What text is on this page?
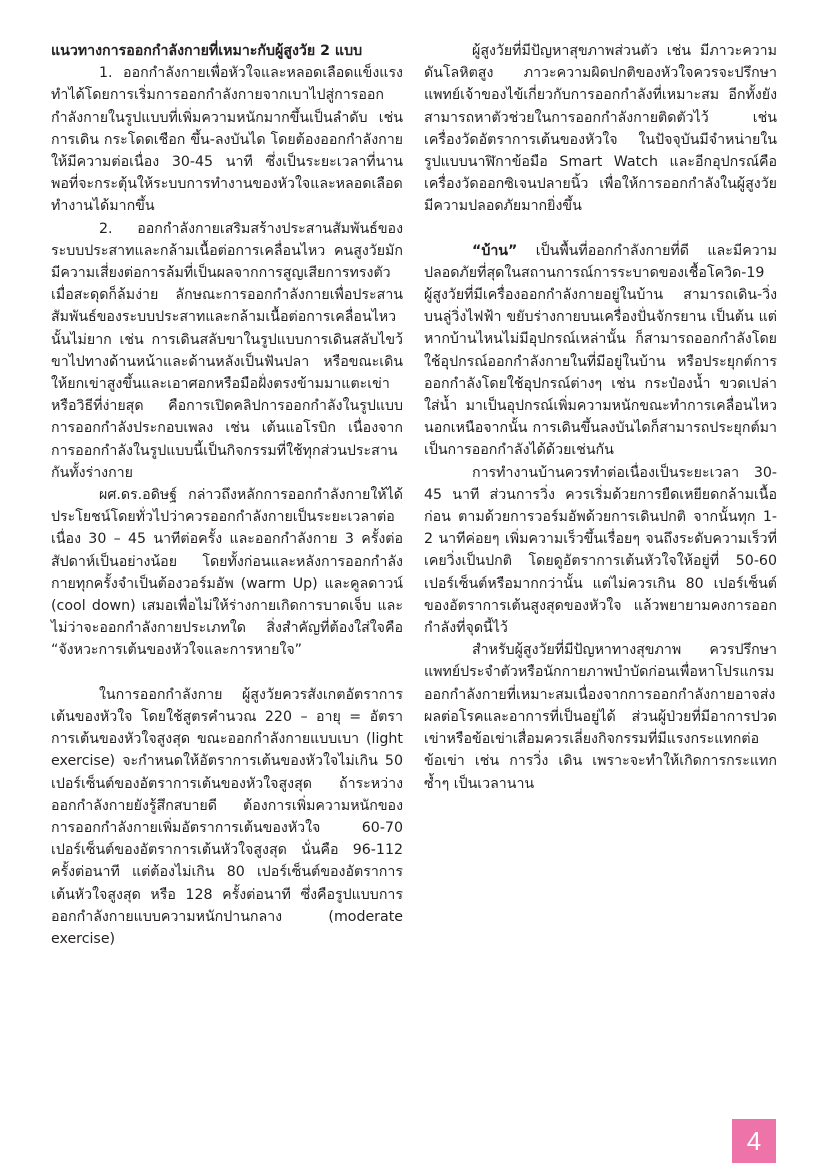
แนวทางการออกกำลังกายที่เหมาะกับผู้สูงวัย 2 แบบ

1. ออกกำลังกายเพื่อหัวใจและหลอดเลือดแข็งแรง ทำได้โดยการเริ่มการออกกำลังกายจากเบาไปสู่การออกกำลังกายในรูปแบบที่เพิ่มความหนักมากขึ้นเป็นลำดับ เช่น การเดิน กระโดดเชือก ขึ้น-ลงบันได โดยต้องออกกำลังกายให้มีความต่อเนื่อง 30-45 นาที ซึ่งเป็นระยะเวลาที่นานพอที่จะกระตุ้นให้ระบบการทำงานของหัวใจและหลอดเลือดทำงานได้มากขึ้น

2. ออกกำลังกายเสริมสร้างประสานสัมพันธ์ของระบบประสาทและกล้ามเนื้อต่อการเคลื่อนไหว คนสูงวัยมักมีความเสี่ยงต่อการล้มที่เป็นผลจากการสูญเสียการทรงตัว เมื่อสะดุดก็ล้มง่าย ลักษณะการออกกำลังกายเพื่อประสานสัมพันธ์ของระบบประสาทและกล้ามเนื้อต่อการเคลื่อนไหวนั้นไม่ยาก เช่น การเดินสลับขาในรูปแบบการเดินสลับไขว้ขาไปทางด้านหน้าและด้านหลังเป็นฟันปลา หรือขณะเดินให้ยกเข่าสูงขึ้นและเอาศอกหรือมือฝั่งตรงข้ามมาแตะเข่า หรือวิธีที่ง่ายสุด คือการเปิดคลิปการออกกำลังในรูปแบบการออกกำลังประกอบเพลง เช่น เต้นแอโรบิก เนื่องจากการออกกำลังในรูปแบบนี้เป็นกิจกรรมที่ใช้ทุกส่วนประสานกันทั้งร่างกาย

ผศ.ดร.อดิษฐ์ กล่าวถึงหลักการออกกำลังกายให้ได้ประโยชน์โดยทั่วไปว่าควรออกกำลังกายเป็นระยะเวลาต่อเนื่อง 30 – 45 นาทีต่อครั้ง และออกกำลังกาย 3 ครั้งต่อสัปดาห์เป็นอย่างน้อย โดยทั้งก่อนและหลังการออกกำลังกายทุกครั้งจำเป็นต้องวอร์มอัพ (warm Up) และคูลดาวน์ (cool down) เสมอเพื่อไม่ให้ร่างกายเกิดการบาดเจ็บ และไม่ว่าจะออกกำลังกายประเภทใด สิ่งสำคัญที่ต้องใส่ใจคือ “จังหวะการเต้นของหัวใจและการหายใจ”

ในการออกกำลังกาย ผู้สูงวัยควรสังเกตอัตราการเต้นของหัวใจ โดยใช้สูตรคำนวณ 220 – อายุ = อัตราการเต้นของหัวใจสูงสุด ขณะออกกำลังกายแบบเบา (light exercise) จะกำหนดให้อัตราการเต้นของหัวใจไม่เกิน 50 เปอร์เซ็นต์ของอัตราการเต้นของหัวใจสูงสุด ถ้าระหว่างออกกำลังกายยังรู้สึกสบายดี ต้องการเพิ่มความหนักของการออกกำลังกายเพิ่มอัตราการเต้นของหัวใจ 60-70 เปอร์เซ็นต์ของอัตราการเต้นหัวใจสูงสุด นั่นคือ 96-112 ครั้งต่อนาที แต่ต้องไม่เกิน 80 เปอร์เซ็นต์ของอัตราการเต้นหัวใจสูงสุด หรือ 128 ครั้งต่อนาที ซึ่งคือรูปแบบการออกกำลังกายแบบความหนักปานกลาง (moderate exercise)

ผู้สูงวัยที่มีปัญหาสุขภาพส่วนตัว เช่น มีภาวะความดันโลหิตสูง ภาวะความผิดปกติของหัวใจควรจะปรึกษาแพทย์เจ้าของไข้เกี่ยวกับการออกกำลังที่เหมาะสม อีกทั้งยังสามารถหาตัวช่วยในการออกกำลังกายติดตัวไว้ เช่น เครื่องวัดอัตราการเต้นของหัวใจ ในปัจจุบันมีจำหน่ายในรูปแบบนาฬิกาข้อมือ Smart Watch และอีกอุปกรณ์คือเครื่องวัดออกซิเจนปลายนิ้ว เพื่อให้การออกกำลังในผู้สูงวัยมีความปลอดภัยมากยิ่งขึ้น

“บ้าน” เป็นพื้นที่ออกกำลังกายที่ดี และมีความปลอดภัยที่สุดในสถานการณ์การระบาดของเชื้อโควิด-19 ผู้สูงวัยที่มีเครื่องออกกำลังกายอยู่ในบ้าน สามารถเดิน-วิ่งบนลู่วิ่งไฟฟ้า ขยับร่างกายบนเครื่องปั่นจักรยาน เป็นต้น แต่หากบ้านไหนไม่มีอุปกรณ์เหล่านั้น ก็สามารถออกกำลังโดยใช้อุปกรณ์ออกกำลังกายในที่มีอยู่ในบ้าน หรือประยุกต์การออกกำลังโดยใช้อุปกรณ์ต่างๆ เช่น กระป๋องน้ำ ขวดเปล่าใส่น้ำ มาเป็นอุปกรณ์เพิ่มความหนักขณะทำการเคลื่อนไหว นอกเหนือจากนั้น การเดินขึ้นลงบันไดก็สามารถประยุกต์มาเป็นการออกกำลังได้ด้วยเช่นกัน

การทำงานบ้านควรทำต่อเนื่องเป็นระยะเวลา 30-45 นาที ส่วนการวิ่ง ควรเริ่มด้วยการยืดเหยียดกล้ามเนื้อก่อน ตามด้วยการวอร์มอัพด้วยการเดินปกติ จากนั้นทุก 1-2 นาทีค่อยๆ เพิ่มความเร็วขึ้นเรื่อยๆ จนถึงระดับความเร็วที่เคยวิ่งเป็นปกติ โดยดูอัตราการเต้นหัวใจให้อยู่ที่ 50-60 เปอร์เซ็นต์หรือมากกว่านั้น แต่ไม่ควรเกิน 80 เปอร์เซ็นต์ของอัตราการเต้นสูงสุดของหัวใจ แล้วพยายามคงการออกกำลังที่จุดนี้ไว้

สำหรับผู้สูงวัยที่มีปัญหาทางสุขภาพ ควรปรึกษาแพทย์ประจำตัวหรือนักกายภาพบำบัดก่อนเพื่อหาโปรแกรมออกกำลังกายที่เหมาะสมเนื่องจากการออกกำลังกายอาจส่งผลต่อโรคและอาการที่เป็นอยู่ได้ ส่วนผู้ป่วยที่มีอาการปวดเข่าหรือข้อเข่าเสื่อมควรเลี่ยงกิจกรรมที่มีแรงกระแทกต่อข้อเข่า เช่น การวิ่ง เดิน เพราะจะทำให้เกิดการกระแทกซ้ำๆ เป็นเวลานาน

4
